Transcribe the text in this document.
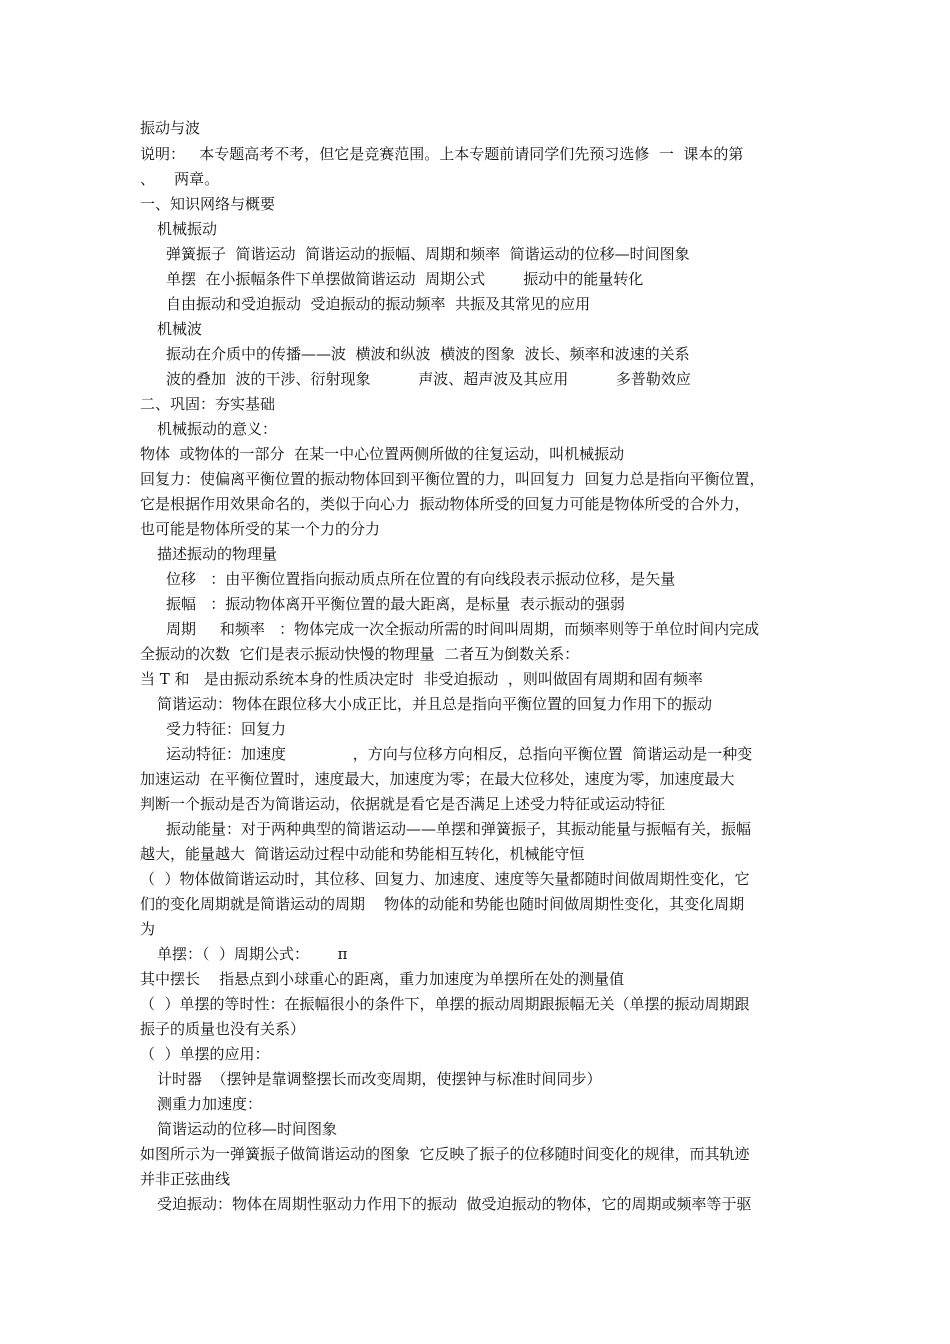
振动与波
说明：   本专题高考不考，但它是竞赛范围。上本专题前请同学们先预习选修  一  课本的第
、    两章。
一、知识网络与概要
机械振动
弹簧振子  简谐运动  简谐运动的振幅、周期和频率  简谐运动的位移—时间图象
单摆  在小振幅条件下单摆做简谐运动  周期公式        振动中的能量转化
自由振动和受迫振动  受迫振动的振动频率  共振及其常见的应用
机械波
振动在介质中的传播——波  横波和纵波  横波的图象  波长、频率和波速的关系
波的叠加  波的干涉、衍射现象          声波、超声波及其应用          多普勒效应
二、巩固：夯实基础
机械振动的意义：
物体  或物体的一部分  在某一中心位置两侧所做的往复运动，叫机械振动
回复力：使偏离平衡位置的振动物体回到平衡位置的力，叫回复力  回复力总是指向平衡位置，
它是根据作用效果命名的，类似于向心力  振动物体所受的回复力可能是物体所受的合外力，
也可能是物体所受的某一个力的分力
描述振动的物理量
位移   ：由平衡位置指向振动质点所在位置的有向线段表示振动位移，是矢量
振幅   ：振动物体离开平衡位置的最大距离，是标量  表示振动的强弱
周期     和频率   ：物体完成一次全振动所需的时间叫周期，而频率则等于单位时间内完成
全振动的次数  它们是表示振动快慢的物理量  二者互为倒数关系：
当 T 和   是由振动系统本身的性质决定时  非受迫振动  ，则叫做固有周期和固有频率
简谐运动：物体在跟位移大小成正比，并且总是指向平衡位置的回复力作用下的振动
受力特征：回复力
运动特征：加速度              ，方向与位移方向相反，总指向平衡位置  简谐运动是一种变
加速运动  在平衡位置时，速度最大，加速度为零；在最大位移处，速度为零，加速度最大
判断一个振动是否为简谐运动，依据就是看它是否满足上述受力特征或运动特征
振动能量：对于两种典型的简谐运动——单摆和弹簧振子，其振动能量与振幅有关，振幅
越大，能量越大  简谐运动过程中动能和势能相互转化，机械能守恒
（  ）物体做简谐运动时，其位移、回复力、加速度、速度等矢量都随时间做周期性变化，它
们的变化周期就是简谐运动的周期    物体的动能和势能也随时间做周期性变化，其变化周期
为
单摆：（  ）周期公式：      π
其中摆长    指悬点到小球重心的距离，重力加速度为单摆所在处的测量值
（  ）单摆的等时性：在振幅很小的条件下，单摆的振动周期跟振幅无关（单摆的振动周期跟
振子的质量也没有关系）
（  ）单摆的应用：
计时器  （摆钟是靠调整摆长而改变周期，使摆钟与标准时间同步）
测重力加速度：
简谐运动的位移—时间图象
如图所示为一弹簧振子做简谐运动的图象  它反映了振子的位移随时间变化的规律，而其轨迹
并非正弦曲线
受迫振动：物体在周期性驱动力作用下的振动  做受迫振动的物体，它的周期或频率等于驱
